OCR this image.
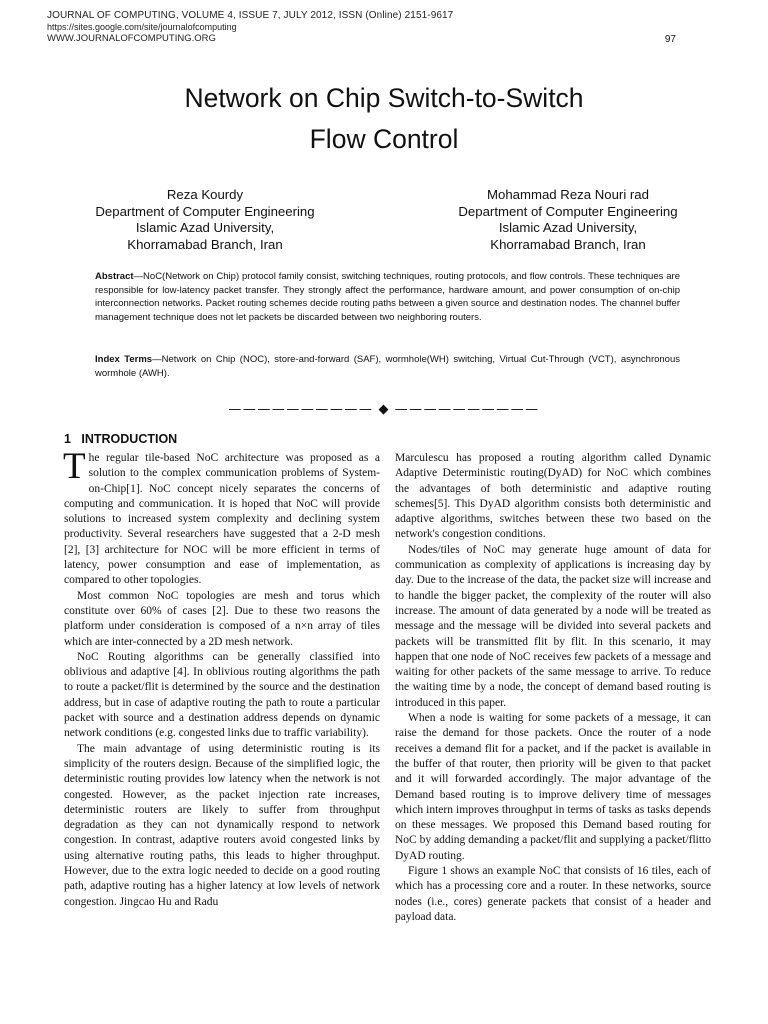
JOURNAL OF COMPUTING, VOLUME 4, ISSUE 7, JULY 2012, ISSN (Online) 2151-9617
https://sites.google.com/site/journalofcomputing
WWW.JOURNALOFCOMPUTING.ORG	97
Network on Chip Switch-to-Switch
Flow Control
Reza Kourdy
Department of Computer Engineering
Islamic Azad University,
Khorramabad Branch, Iran
Mohammad Reza Nouri rad
Department of Computer Engineering
Islamic Azad University,
Khorramabad Branch, Iran
Abstract—NoC(Network on Chip) protocol family consist, switching techniques, routing protocols, and flow controls. These techniques are responsible for low-latency packet transfer. They strongly affect the performance, hardware amount, and power consumption of on-chip interconnection networks. Packet routing schemes decide routing paths between a given source and destination nodes. The channel buffer management technique does not let packets be discarded between two neighboring routers.
Index Terms—Network on Chip (NOC), store-and-forward (SAF), wormhole(WH) switching, Virtual Cut-Through (VCT), asynchronous wormhole (AWH).
—————————— ◆ ——————————
1 INTRODUCTION

The regular tile-based NoC architecture was proposed as a solution to the complex communication problems of System-on-Chip[1]. NoC concept nicely separates the concerns of computing and communication. It is hoped that NoC will provide solutions to increased system complexity and declining system productivity. Several researchers have suggested that a 2-D mesh [2], [3] architecture for NOC will be more efficient in terms of latency, power consumption and ease of implementation, as compared to other topologies.

Most common NoC topologies are mesh and torus which constitute over 60% of cases [2]. Due to these two reasons the platform under consideration is composed of a n×n array of tiles which are inter-connected by a 2D mesh network.

NoC Routing algorithms can be generally classified into oblivious and adaptive [4]. In oblivious routing algorithms the path to route a packet/flit is determined by the source and the destination address, but in case of adaptive routing the path to route a particular packet with source and a destination address depends on dynamic network conditions (e.g. congested links due to traffic variability).

The main advantage of using deterministic routing is its simplicity of the routers design. Because of the simplified logic, the deterministic routing provides low latency when the network is not congested. However, as the packet injection rate increases, deterministic routers are likely to suffer from throughput degradation as they can not dynamically respond to network congestion. In contrast, adaptive routers avoid congested links by using alternative routing paths, this leads to higher throughput. However, due to the extra logic needed to decide on a good routing path, adaptive routing has a higher latency at low levels of network congestion. Jingcao Hu and Radu

Marculescu has proposed a routing algorithm called Dynamic Adaptive Deterministic routing(DyAD) for NoC which combines the advantages of both deterministic and adaptive routing schemes[5]. This DyAD algorithm consists both deterministic and adaptive algorithms, switches between these two based on the network's congestion conditions.

Nodes/tiles of NoC may generate huge amount of data for communication as complexity of applications is increasing day by day. Due to the increase of the data, the packet size will increase and to handle the bigger packet, the complexity of the router will also increase. The amount of data generated by a node will be treated as message and the message will be divided into several packets and packets will be transmitted flit by flit. In this scenario, it may happen that one node of NoC receives few packets of a message and waiting for other packets of the same message to arrive. To reduce the waiting time by a node, the concept of demand based routing is introduced in this paper.

When a node is waiting for some packets of a message, it can raise the demand for those packets. Once the router of a node receives a demand flit for a packet, and if the packet is available in the buffer of that router, then priority will be given to that packet and it will forwarded accordingly. The major advantage of the Demand based routing is to improve delivery time of messages which intern improves throughput in terms of tasks as tasks depends on these messages. We proposed this Demand based routing for NoC by adding demanding a packet/flit and supplying a packet/flitto DyAD routing.

Figure 1 shows an example NoC that consists of 16 tiles, each of which has a processing core and a router. In these networks, source nodes (i.e., cores) generate packets that consist of a header and payload data.
